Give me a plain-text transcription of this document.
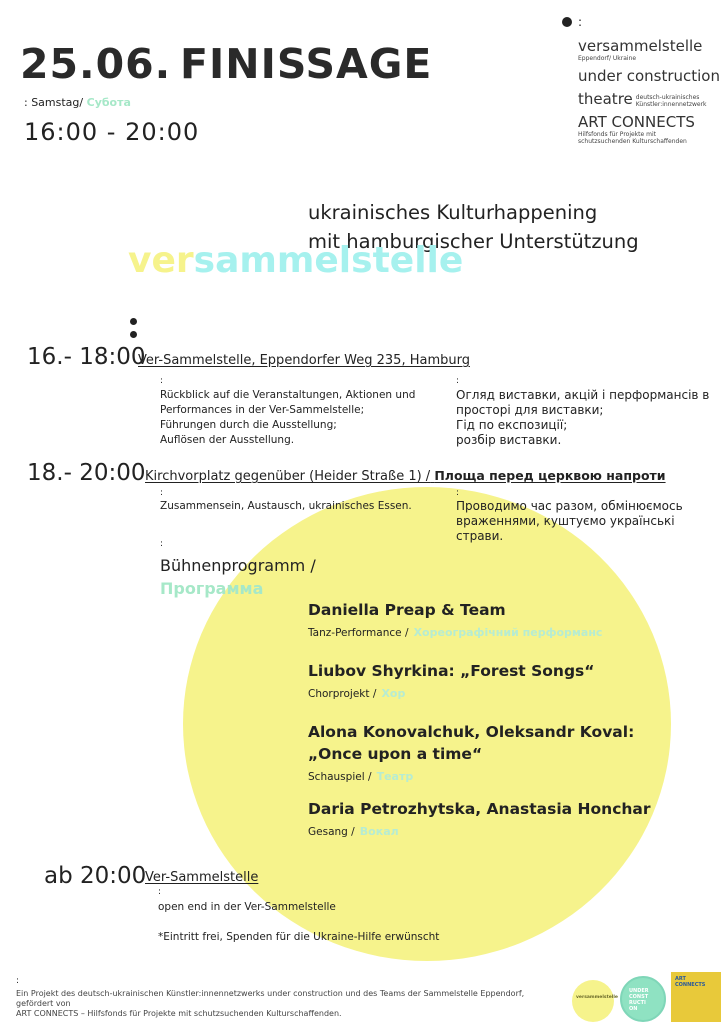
25.06. FINISSAGE
: Samstag/ Субота
16:00 - 20:00
:
versammelstelle
Eppendorf/ Ukraine
under construction
theatre deutsch-ukrainisches Künstler:innennetzwerk
ART CONNECTS
Hilfsfonds für Projekte mit schutzsuchenden Kulturschaffenden
ukrainisches Kulturhappening
mit hamburgischer Unterstützung
versammelstelle
16.- 18:00
Ver-Sammelstelle, Eppendorfer Weg 235, Hamburg
:
Rückblick auf die Veranstaltungen, Aktionen und
Performances in der Ver-Sammelstelle;
Führungen durch die Ausstellung;
Auflösen der Ausstellung.
:
Огляд виставки, акцій і перформансів в
просторі для виставки;
Гід по експозиції;
розбір виставки.
18.- 20:00 Kirchvorplatz gegenüber (Heider Straße 1) / Площа перед церквою напроти
:
Zusammensein, Austausch, ukrainisches Essen.
:
Проводимо час разом, обмінюємось
враженнями, куштуємо українські страви.
:
Bühnenprogramm /
Программа
Daniella Preap & Team
Tanz-Performance / Хореографічний перформанс
Liubov Shyrkina: „Forest Songs“
Chorprojekt / Хор
Alona Konovalchuk, Oleksandr Koval:
„Once upon a time“
Schauspiel / Театр
Daria Petrozhytska, Anastasia Honchar
Gesang / Вокал
ab 20:00
Ver-Sammelstelle
:
open end in der Ver-Sammelstelle
*Eintritt frei, Spenden für die Ukraine-Hilfe erwünscht
:
Ein Projekt des deutsch-ukrainischen Künstler:innennetzwerks under construction und des Teams der Sammelstelle Eppendorf, gefördert von
ART CONNECTS – Hilfsfonds für Projekte mit schutzsuchenden Kulturschaffenden.
versammelstelle
UNDER CONST RUCTI ON
ART CONNECTS
